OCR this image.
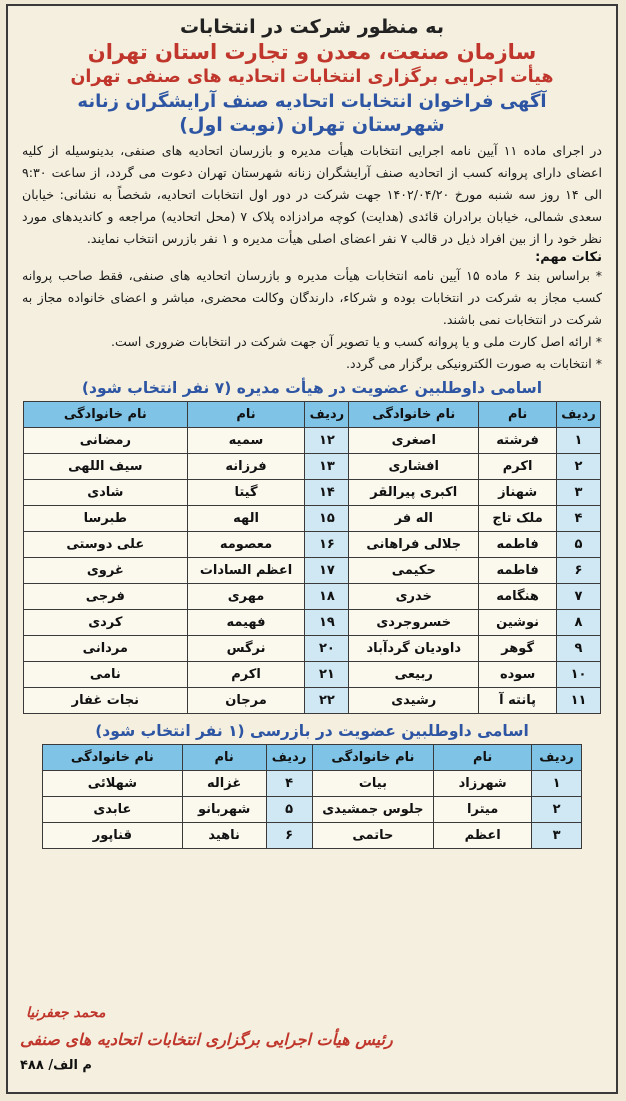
به منظور شرکت در انتخابات
سازمان صنعت، معدن و تجارت استان تهران
هیأت اجرایی برگزاری انتخابات اتحادیه های صنفی تهران
آگهی فراخوان انتخابات اتحادیه صنف آرایشگران زنانه
شهرستان تهران (نوبت اول)
در اجرای ماده ۱۱ آیین نامه اجرایی انتخابات هیأت مدیره و بازرسان اتحادیه های صنفی، بدینوسیله از کلیه اعضای دارای پروانه کسب از اتحادیه صنف آرایشگران زنانه شهرستان تهران دعوت می گردد، از ساعت ۹:۳۰ الی ۱۴ روز سه شنبه مورخ ۱۴۰۲/۰۴/۲۰ جهت شرکت در دور اول انتخابات اتحادیه، شخصاً به نشانی: خیابان سعدی شمالی، خیابان برادران قائدی (هدایت) کوچه مرادزاده پلاک ۷ (محل اتحادیه) مراجعه و کاندیدهای مورد نظر خود را از بین افراد ذیل در قالب ۷ نفر اعضای اصلی هیأت مدیره و ۱ نفر بازرس انتخاب نمایند.
نکات مهم:
* براساس بند ۶ ماده ۱۵ آیین نامه انتخابات هیأت مدیره و بازرسان اتحادیه های صنفی، فقط صاحب پروانه کسب مجاز به شرکت در انتخابات بوده و شرکاء، دارندگان وکالت محضری، مباشر و اعضای خانواده مجاز به شرکت در انتخابات نمی باشند.
* ارائه اصل کارت ملی و یا پروانه کسب و یا تصویر آن جهت شرکت در انتخابات ضروری است.
* انتخابات به صورت الکترونیکی برگزار می گردد.
اسامی داوطلبین عضویت در هیأت مدیره (۷ نفر انتخاب شود)
ردیف	نام	نام خانوادگی	ردیف	نام	نام خانوادگی
۱	فرشته	اصغری	۱۲	سمیه	رمضانی
۲	اکرم	افشاری	۱۳	فرزانه	سیف اللهی
۳	شهناز	اکبری پیرالقر	۱۴	گیتا	شادی
۴	ملک تاج	اله فر	۱۵	الهه	طبرسا
۵	فاطمه	جلالی فراهانی	۱۶	معصومه	علی دوستی
۶	فاطمه	حکیمی	۱۷	اعظم السادات	غروی
۷	هنگامه	خدری	۱۸	مهری	فرجی
۸	نوشین	خسروجردی	۱۹	فهیمه	کردی
۹	گوهر	داودیان گردآباد	۲۰	نرگس	مردانی
۱۰	سوده	ربیعی	۲۱	اکرم	نامی
۱۱	پانته آ	رشیدی	۲۲	مرجان	نجات غفار
اسامی داوطلبین عضویت در بازرسی (۱ نفر انتخاب شود)
ردیف	نام	نام خانوادگی	ردیف	نام	نام خانوادگی
۱	شهرزاد	بیات	۴	غزاله	شهلائی
۲	میترا	جلوس جمشیدی	۵	شهربانو	عابدی
۳	اعظم	حاتمی	۶	ناهید	قناپور
محمد جعفرنیا
رئیس هیأت اجرایی برگزاری انتخابات اتحادیه های صنفی
م الف/ ۴۸۸
